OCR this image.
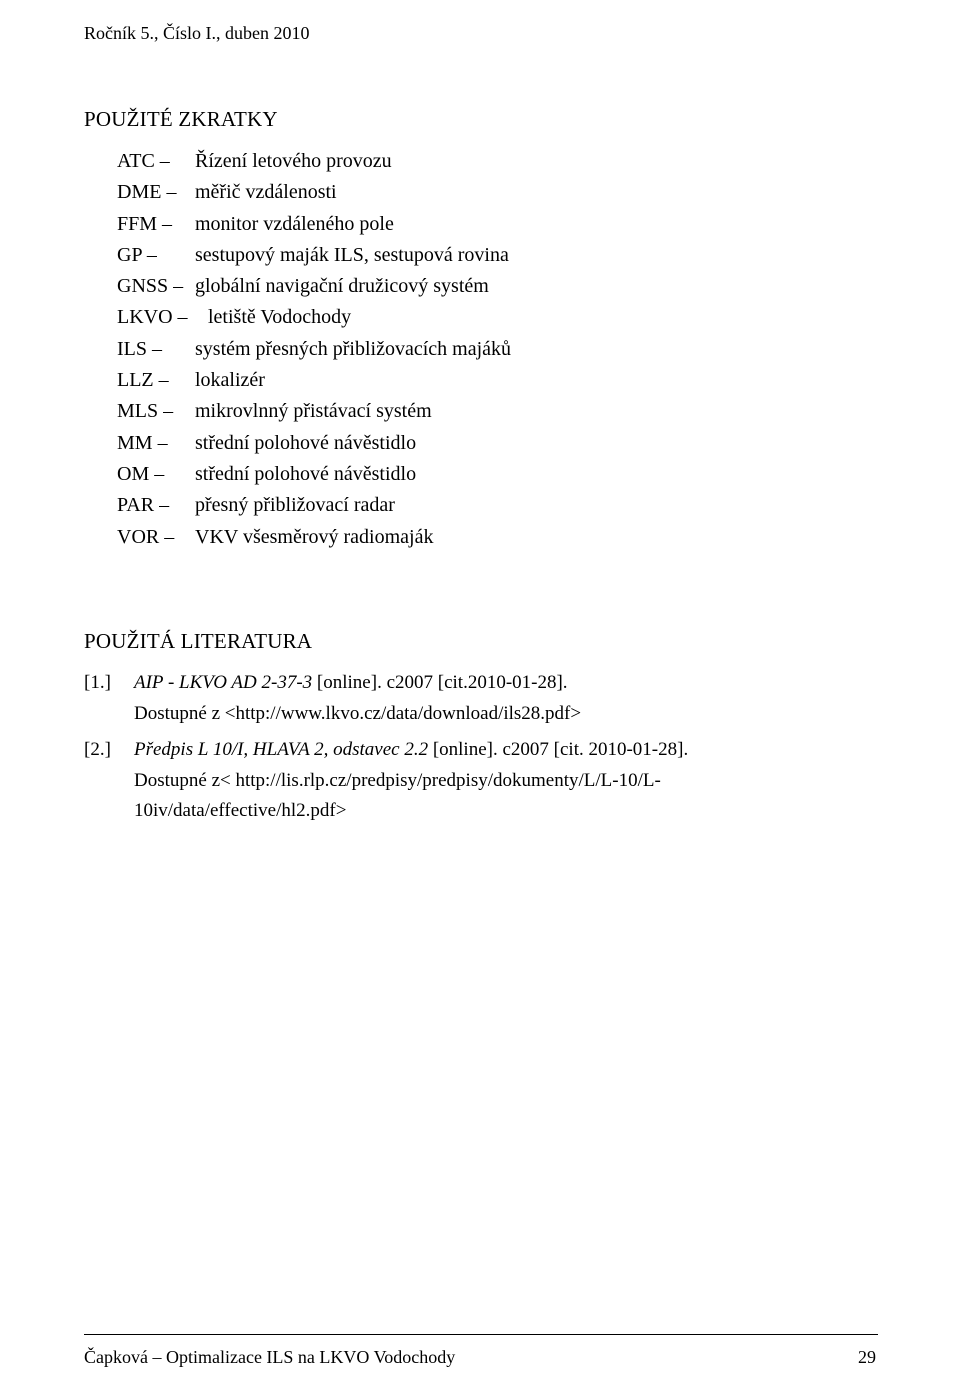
Ročník 5., Číslo I., duben 2010
POUŽITÉ ZKRATKY
ATC – Řízení letového provozu
DME – měřič vzdálenosti
FFM – monitor vzdáleného pole
GP – sestupový maják ILS, sestupová rovina
GNSS – globální navigační družicový systém
LKVO – letiště Vodochody
ILS – systém přesných přibližovacích majáků
LLZ – lokalizér
MLS – mikrovlnný přistávací systém
MM – střední polohové návěstidlo
OM – střední polohové návěstidlo
PAR – přesný přibližovací radar
VOR – VKV všesměrový radiomaják
POUŽITÁ LITERATURA
[1.] AIP - LKVO AD 2-37-3 [online]. c2007 [cit.2010-01-28].
Dostupné z <http://www.lkvo.cz/data/download/ils28.pdf>
[2.] Předpis L 10/I, HLAVA 2, odstavec 2.2 [online]. c2007 [cit. 2010-01-28].
Dostupné z< http://lis.rlp.cz/predpisy/predpisy/dokumenty/L/L-10/L-
10iv/data/effective/hl2.pdf>
Čapková – Optimalizace ILS na LKVO Vodochody	29
